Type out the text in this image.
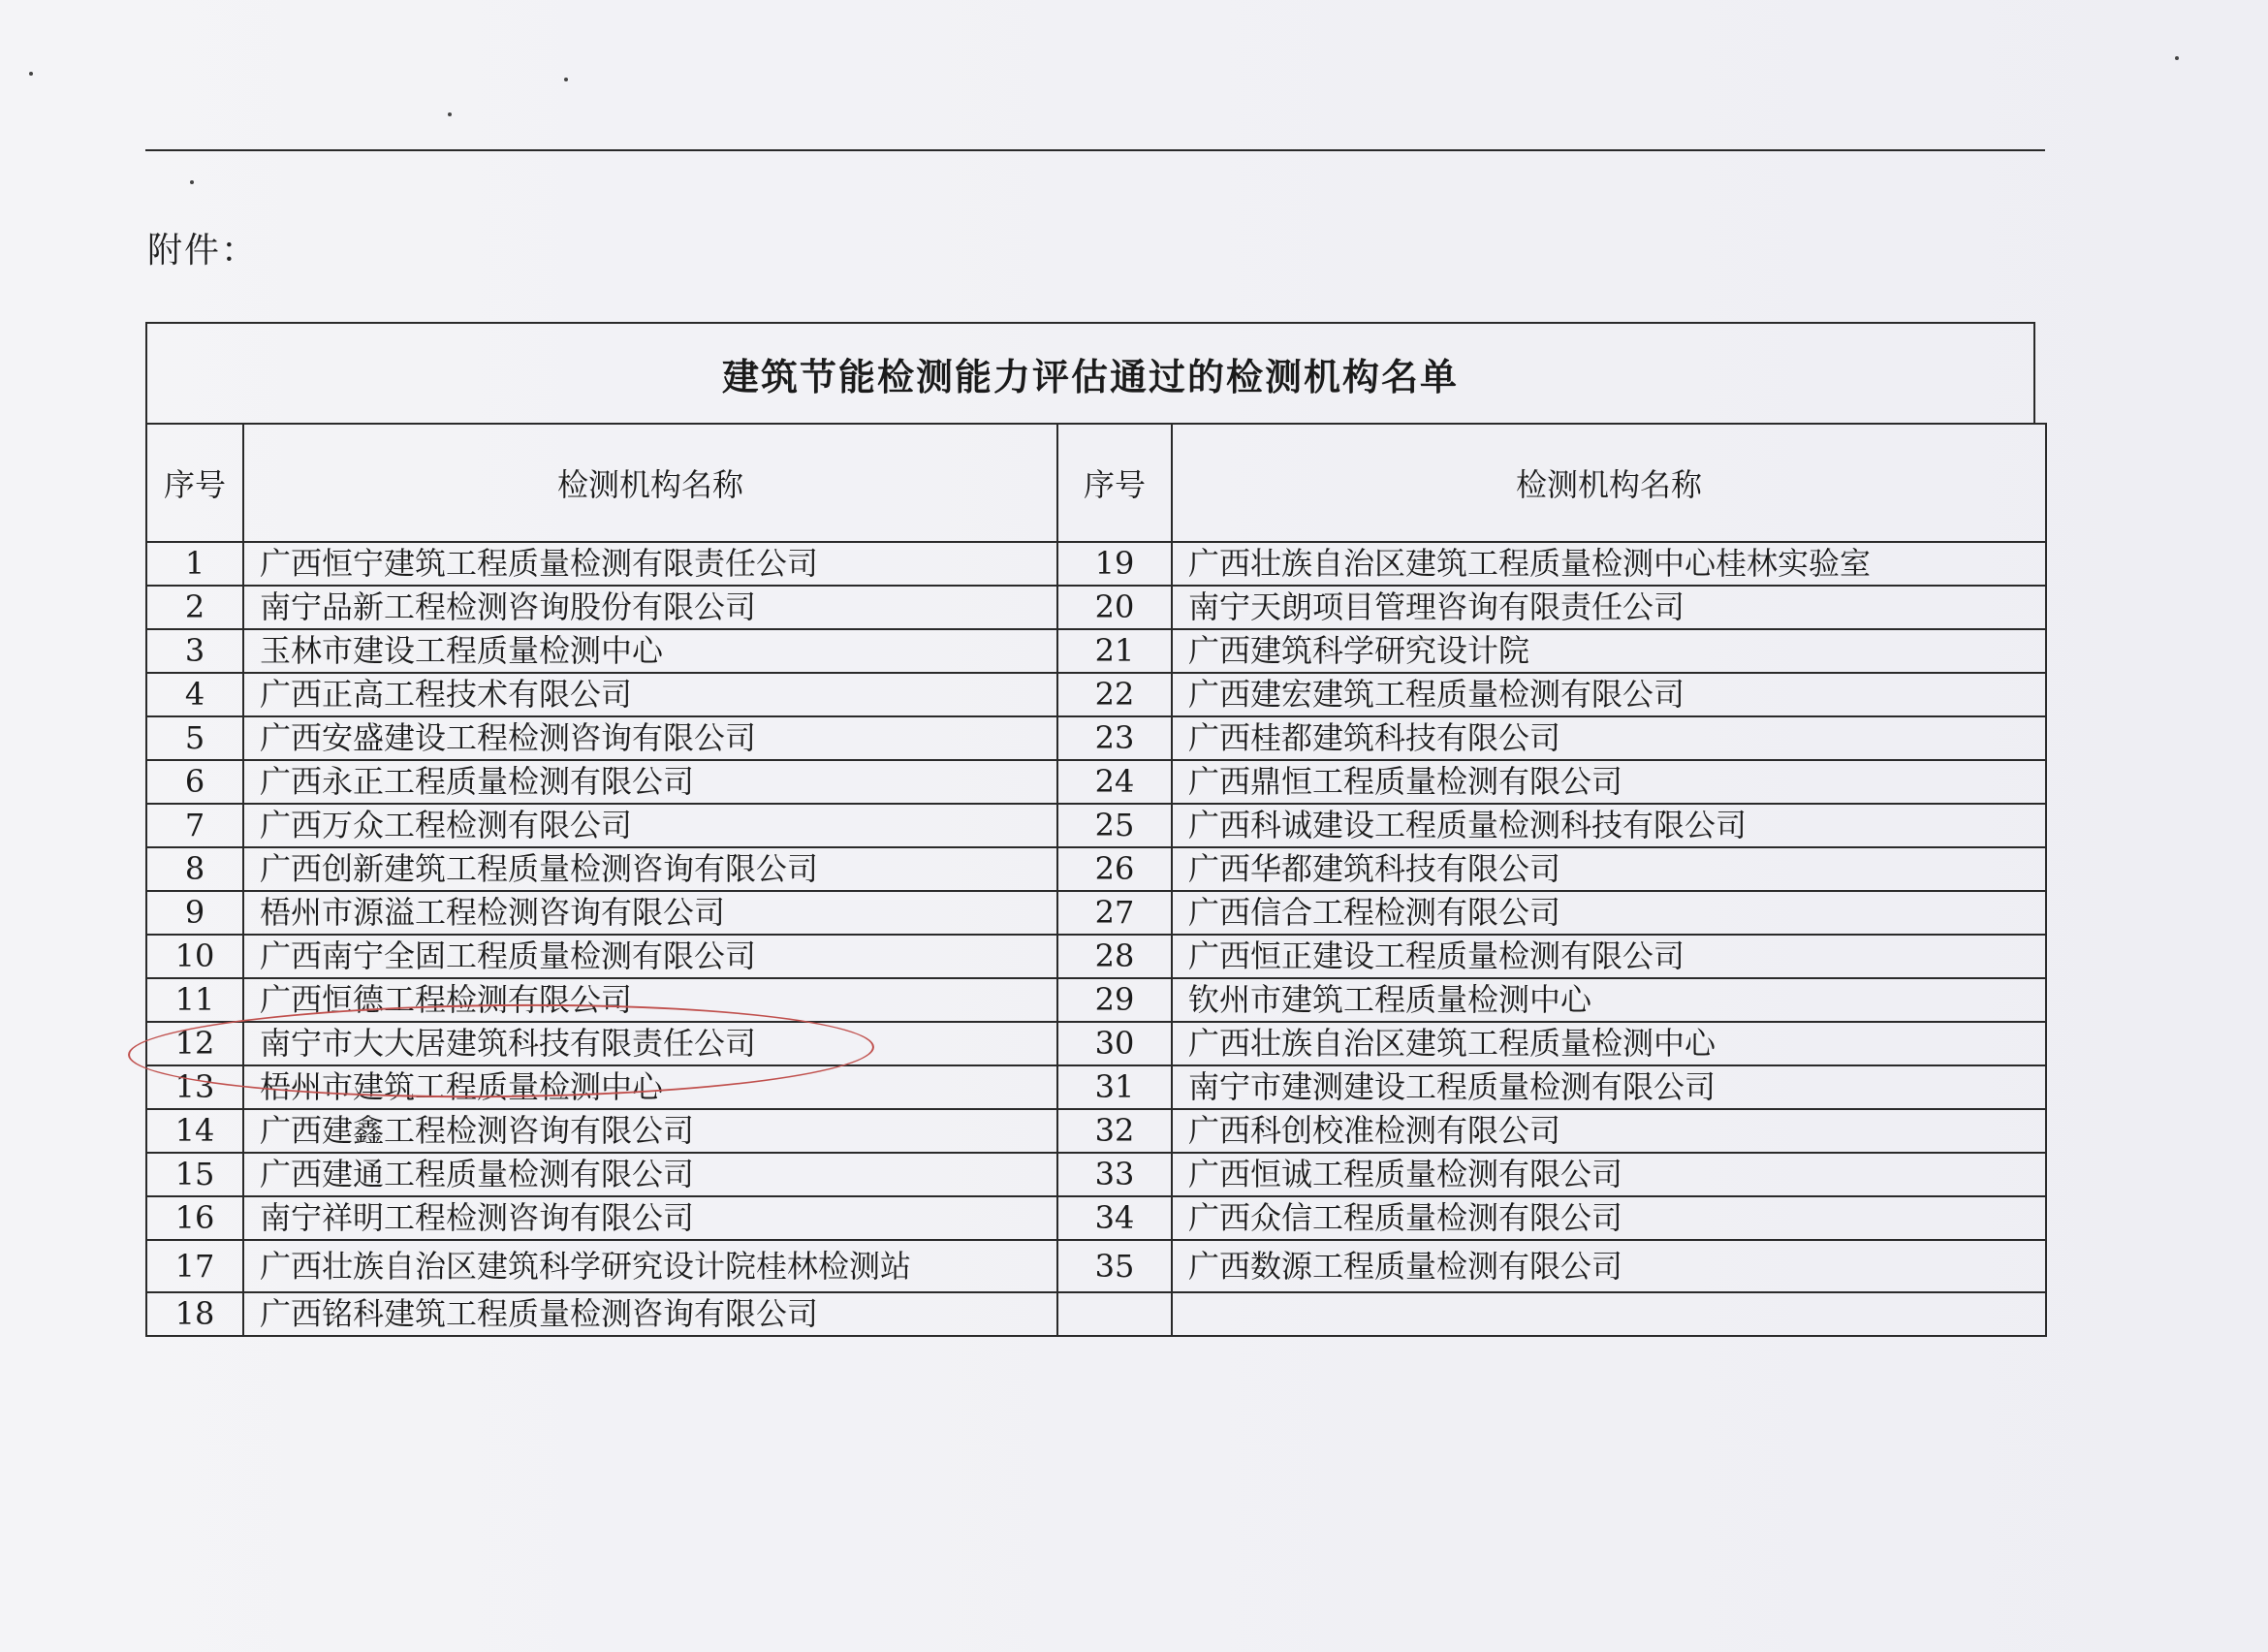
附件：
建筑节能检测能力评估通过的检测机构名单
序号	检测机构名称	序号	检测机构名称
1	广西恒宁建筑工程质量检测有限责任公司	19	广西壮族自治区建筑工程质量检测中心桂林实验室
2	南宁品新工程检测咨询股份有限公司	20	南宁天朗项目管理咨询有限责任公司
3	玉林市建设工程质量检测中心	21	广西建筑科学研究设计院
4	广西正高工程技术有限公司	22	广西建宏建筑工程质量检测有限公司
5	广西安盛建设工程检测咨询有限公司	23	广西桂都建筑科技有限公司
6	广西永正工程质量检测有限公司	24	广西鼎恒工程质量检测有限公司
7	广西万众工程检测有限公司	25	广西科诚建设工程质量检测科技有限公司
8	广西创新建筑工程质量检测咨询有限公司	26	广西华都建筑科技有限公司
9	梧州市源溢工程检测咨询有限公司	27	广西信合工程检测有限公司
10	广西南宁全固工程质量检测有限公司	28	广西恒正建设工程质量检测有限公司
11	广西恒德工程检测有限公司	29	钦州市建筑工程质量检测中心
12	南宁市大大居建筑科技有限责任公司	30	广西壮族自治区建筑工程质量检测中心
13	梧州市建筑工程质量检测中心	31	南宁市建测建设工程质量检测有限公司
14	广西建鑫工程检测咨询有限公司	32	广西科创校准检测有限公司
15	广西建通工程质量检测有限公司	33	广西恒诚工程质量检测有限公司
16	南宁祥明工程检测咨询有限公司	34	广西众信工程质量检测有限公司
17	广西壮族自治区建筑科学研究设计院桂林检测站	35	广西数源工程质量检测有限公司
18	广西铭科建筑工程质量检测咨询有限公司		
